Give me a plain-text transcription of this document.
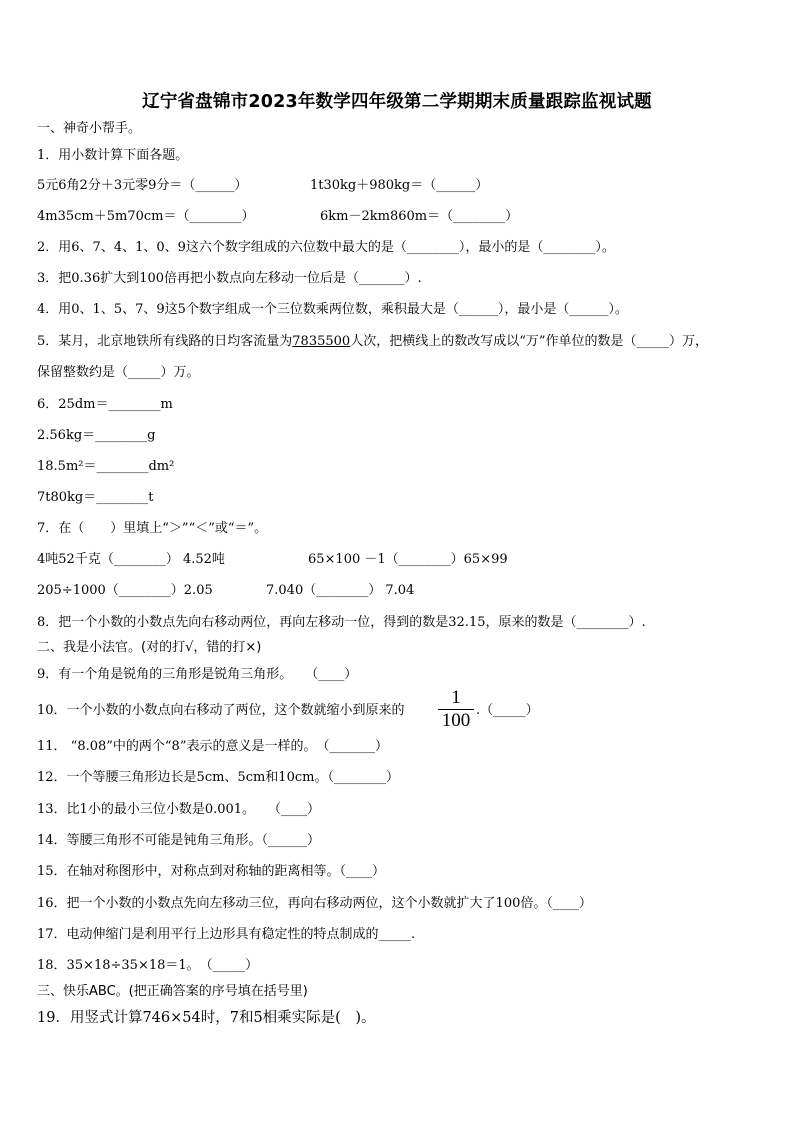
辽宁省盘锦市2023年数学四年级第二学期期末质量跟踪监视试题
一、神奇小帮手。
1．用小数计算下面各题。
5元6角2分＋3元零9分＝（______）	1t30kg＋980kg＝（______）
4m35cm＋5m70cm＝（________）	6km－2km860m＝（________）
2．用6、7、4、1、0、9这六个数字组成的六位数中最大的是（________），最小的是（________）。
3．把0.36扩大到100倍再把小数点向左移动一位后是（_______）.
4．用0、1、5、7、9这5个数字组成一个三位数乘两位数，乘积最大是（______），最小是（______）。
5．某月，北京地铁所有线路的日均客流量为7835500人次，把横线上的数改写成以“万”作单位的数是（_____）万，
保留整数约是（_____）万。
6．25dm＝________m
2.56kg＝________g
18.5m²＝________dm²
7t80kg＝________t
7．在（　　）里填上“＞”“＜”或“＝”。
4吨52千克（________） 4.52吨	65×100 －1（________）65×99
205÷1000（________）2.05	7.040（________） 7.04
8．把一个小数的小数点先向右移动两位，再向左移动一位，得到的数是32.15，原来的数是（________）.
二、我是小法官。(对的打√，错的打×)
9．有一个角是锐角的三角形是锐角三角形。　　（____）
10．一个小数的小数点向右移动了两位，这个数就缩小到原来的
1
100 .（_____）
11． “8.08”中的两个“8”表示的意义是一样的。　（_______）
12．一个等腰三角形边长是5cm、5cm和10cm。（________）
13．比1小的最小三位小数是0.001。　　（____）
14．等腰三角形不可能是钝角三角形。（______）
15．在轴对称图形中，对称点到对称轴的距离相等。（____）
16．把一个小数的小数点先向左移动三位，再向右移动两位，这个小数就扩大了100倍。（____）
17．电动伸缩门是利用平行上边形具有稳定性的特点制成的_____.
18．35×18÷35×18＝1。　（_____）
三、快乐ABC。(把正确答案的序号填在括号里)
19．用竖式计算746×54时，7和5相乘实际是(　)。
